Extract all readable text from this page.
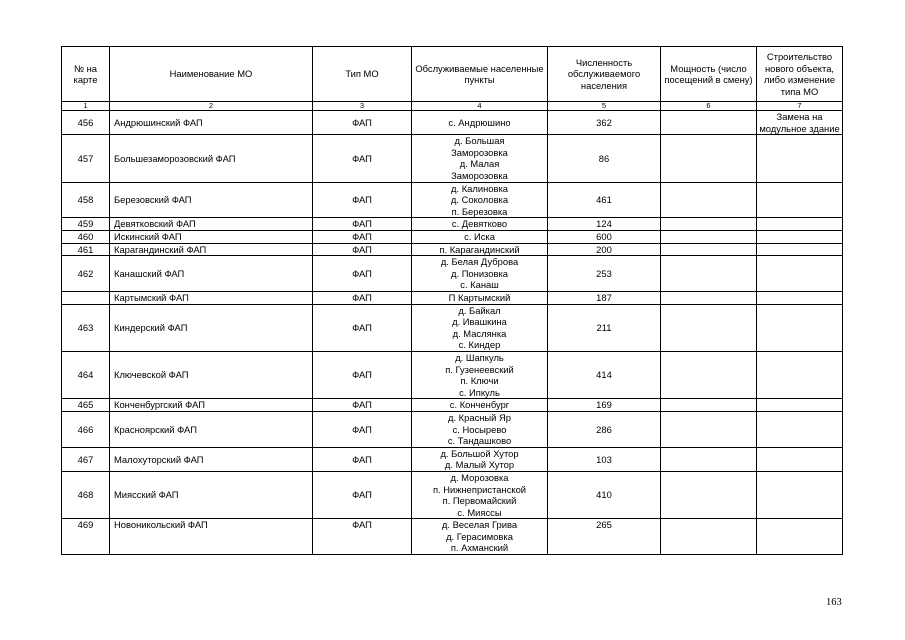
№ на карте	Наименование МО	Тип МО	Обслуживаемые населенные пункты	Численность обслуживаемого населения	Мощность (число посещений в смену)	Строительство нового объекта, либо изменение типа МО
1	2	3	4	5	6	7
456	Андрюшинский ФАП	ФАП	с. Андрюшино	362		Замена на
модульное здание

457	Большезаморозовский ФАП	ФАП	д. Большая
Заморозовка
д. Малая
Заморозовка	86		
458	Березовский ФАП	ФАП	д. Калиновка
д. Соколовка
п. Березовка	461		
459	Девятковский ФАП	ФАП	с. Девятково	124		
460	Искинский ФАП	ФАП	с. Иска	600		
461	Карагандинский ФАП	ФАП	п. Карагандинский	200		
462	Канашский ФАП	ФАП	д. Белая Дуброва
д. Понизовка
с. Канаш	253		
	Картымский ФАП	ФАП	П Картымский	187		
463	Киндерский ФАП	ФАП	д. Байкал
д. Ивашкина
д. Маслянка
с. Киндер	211		
464	Ключевской ФАП	ФАП	д. Шапкуль
п. Гузенеевский
п. Ключи
с. Ипкуль	414		
465	Конченбургский ФАП	ФАП	с. Конченбург	169		
466	Красноярский ФАП	ФАП	д. Красный Яр
с. Носырево
с. Тандашково	286		
467	Малохуторский ФАП	ФАП	д. Большой Хутор
д. Малый Хутор	103		
468	Миясский ФАП	ФАП	д. Морозовка
п. Нижнепристанской
п. Первомайский
с. Мияссы	410		
469	Новоникольский ФАП	ФАП	д. Веселая Грива
д. Герасимовка
п. Ахманский	265		
163
